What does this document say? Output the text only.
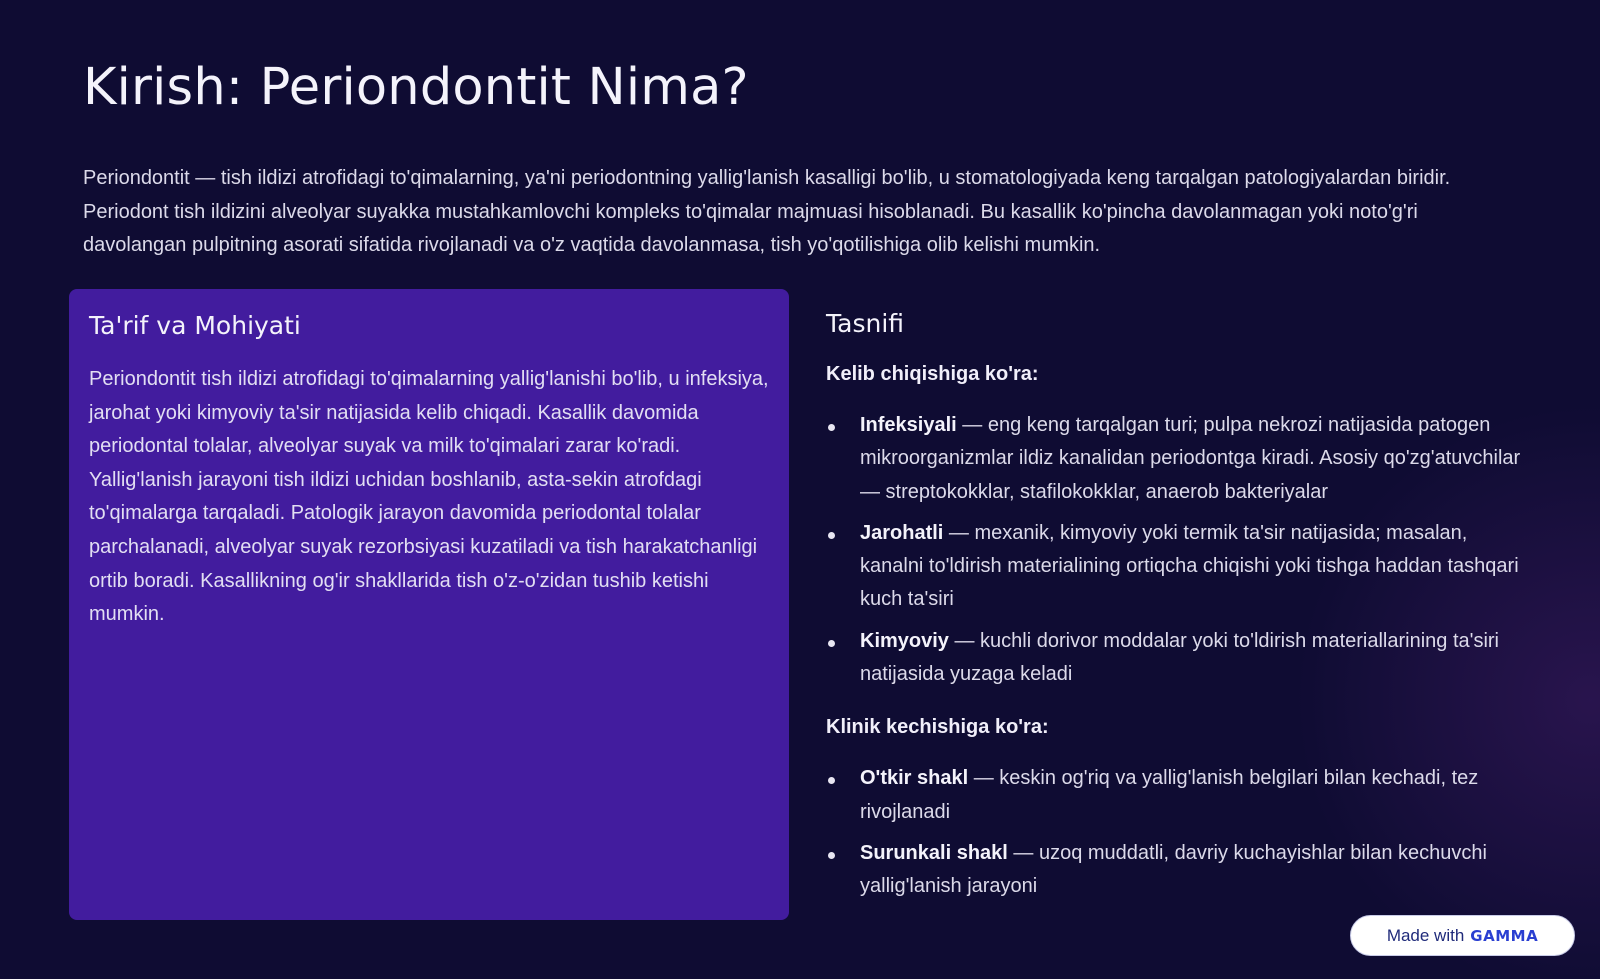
Kirish: Periondontit Nima?

Periondontit — tish ildizi atrofidagi to'qimalarning, ya'ni periodontning yallig'lanish kasalligi bo'lib, u stomatologiyada keng tarqalgan patologiyalardan biridir. Periodont tish ildizini alveolyar suyakka mustahkamlovchi kompleks to'qimalar majmuasi hisoblanadi. Bu kasallik ko'pincha davolanmagan yoki noto'g'ri davolangan pulpitning asorati sifatida rivojlanadi va o'z vaqtida davolanmasa, tish yo'qotilishiga olib kelishi mumkin.

Ta'rif va Mohiyati

Periondontit tish ildizi atrofidagi to'qimalarning yallig'lanishi bo'lib, u infeksiya, jarohat yoki kimyoviy ta'sir natijasida kelib chiqadi. Kasallik davomida periodontal tolalar, alveolyar suyak va milk to'qimalari zarar ko'radi. Yallig'lanish jarayoni tish ildizi uchidan boshlanib, asta-sekin atrofdagi to'qimalarga tarqaladi. Patologik jarayon davomida periodontal tolalar parchalanadi, alveolyar suyak rezorbsiyasi kuzatiladi va tish harakatchanligi ortib boradi. Kasallikning og'ir shakllarida tish o'z-o'zidan tushib ketishi mumkin.

Tasnifi

Kelib chiqishiga ko'ra:

Infeksiyali — eng keng tarqalgan turi; pulpa nekrozi natijasida patogen mikroorganizmlar ildiz kanalidan periodontga kiradi. Asosiy qo'zg'atuvchilar — streptokokklar, stafilokokklar, anaerob bakteriyalar
Jarohatli — mexanik, kimyoviy yoki termik ta'sir natijasida; masalan, kanalni to'ldirish materialining ortiqcha chiqishi yoki tishga haddan tashqari kuch ta'siri
Kimyoviy — kuchli dorivor moddalar yoki to'ldirish materiallarining ta'siri natijasida yuzaga keladi

Klinik kechishiga ko'ra:

O'tkir shakl — keskin og'riq va yallig'lanish belgilari bilan kechadi, tez rivojlanadi
Surunkali shakl — uzoq muddatli, davriy kuchayishlar bilan kechuvchi yallig'lanish jarayoni
Made with GAMMA
